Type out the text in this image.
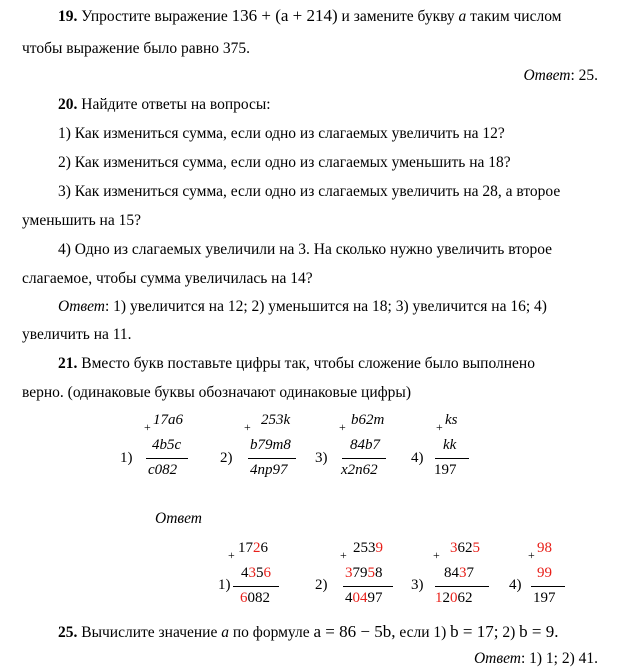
19. Упростите выражение 136 + (a + 214) и замените букву a таким числом
чтобы выражение было равно 375.
Ответ: 25.
20. Найдите ответы на вопросы:
1) Как измениться сумма, если одно из слагаемых увеличить на 12?
2) Как измениться сумма, если одно из слагаемых уменьшить на 18?
3) Как измениться сумма, если одно из слагаемых увеличить на 28, а второе
уменьшить на 15?
4) Одно из слагаемых увеличили на 3. На сколько нужно увеличить второе
слагаемое, чтобы сумма увеличилась на 14?
Ответ: 1) увеличится на 12; 2) уменьшится на 18; 3) увеличится на 16; 4)
увеличить на 11.
21. Вместо букв поставьте цифры так, чтобы сложение было выполнено
верно. (одинаковые буквы обозначают одинаковые цифры)
+ 17a6
4b5c
c082
1)
+ 253k
b79m8
4np97
2)
+ b62m
84b7
x2n62
3)
+ ks
kk
197
4)
Ответ
+ 1726
4356
6082
1)
+ 2539
37958
40497
2)
+ 3625
8437
12062
3)
+ 98
99
197
4)
25. Вычислите значение a по формуле a = 86 − 5b, если 1) b = 17; 2) b = 9.
Ответ: 1) 1; 2) 41.
